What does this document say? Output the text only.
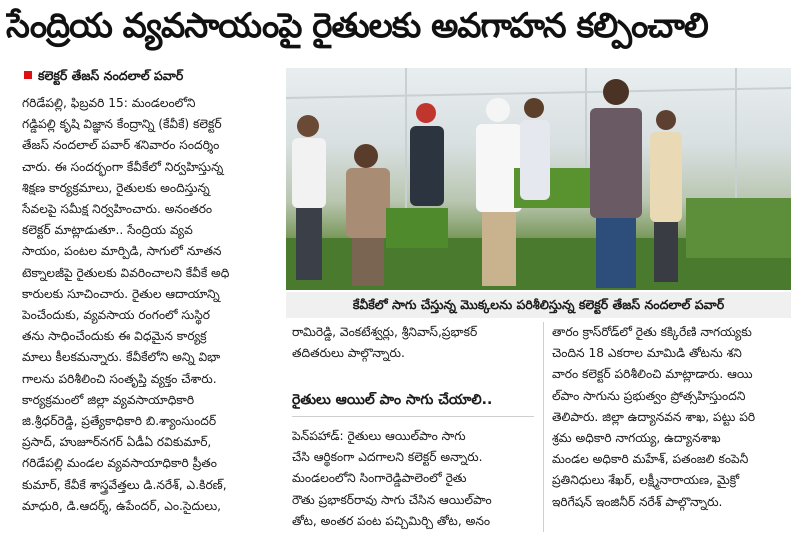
సేంద్రియ వ్యవసాయంపై రైతులకు అవగాహన కల్పించాలి
కలెక్టర్ తేజస్ నందలాల్ పవార్

గరిడేపల్లి, ఫిబ్రవరి 15: మండలంలోని

గడ్డిపల్లి కృషి విజ్ఞాన కేంద్రాన్ని (కేవీకే) కలెక్టర్

తేజస్ నందలాల్ పవార్ శనివారం సందర్శిం

చారు. ఈ సందర్భంగా కేవీకేలో నిర్వహిస్తున్న

శిక్షణ కార్యక్రమాలు, రైతులకు అందిస్తున్న

సేవలపై సమీక్ష నిర్వహించారు. అనంతరం

కలెక్టర్ మాట్లాడుతూ.. సేంద్రియ వ్యవ

సాయం, పంటల మార్పిడి, సాగులో నూతన

టెక్నాలజీపై రైతులకు వివరించాలని కేవీకే అధి

కారులకు సూచించారు. రైతుల ఆదాయాన్ని

పెంచేందుకు, వ్యవసాయ రంగంలో సుస్థిర

తను సాధించేందుకు ఈ విధమైన కార్యక్ర

మాలు కీలకమన్నారు. కేవీకేలోని అన్ని విభా

గాలను పరిశీలించి సంతృప్తి వ్యక్తం చేశారు.

కార్యక్రమంలో జిల్లా వ్యవసాయాధికారి

జి.శ్రీధర్‌రెడ్డి, ప్రత్యేకాధికారి బి.శ్యాంసుందర్

ప్రసాద్, హుజూర్‌నగర్ ఏడీఏ రవికుమార్,

గరిడేపల్లి మండల వ్యవసాయాధికారి ప్రీతం

కుమార్, కేవీకే శాస్త్రవేత్తలు డి.నరేశ్, ఎ.కిరణ్,

మాధురి, డి.ఆదర్శ్, ఉపేందర్, ఎం.సైదులు,

కేవీకేలో సాగు చేస్తున్న మొక్కలను పరిశీలిస్తున్న కలెక్టర్ తేజస్ నందలాల్ పవార్

రామిరెడ్డి, వెంకటేశ్వర్లు, శ్రీనివాస్,ప్రభాకర్

తదితరులు పాల్గొన్నారు.

రైతులు ఆయిల్ పాం సాగు చేయాలి..

పెన్‌పహాడ్: రైతులు ఆయిల్‌పాం సాగు

చేసి ఆర్థికంగా ఎదగాలని కలెక్టర్ అన్నారు.

మండలంలోని సింగారెడ్డిపాలెంలో రైతు

రౌతు ప్రభాకర్‌రావు సాగు చేసిన ఆయిల్‌పాం

తోట, అంతర పంట పచ్చిమిర్చి తోట, అనం

తారం క్రాస్‌రోడ్‌లో రైతు కక్కిరేణి నాగయ్యకు

చెందిన 18 ఎకరాల మామిడి తోటను శని

వారం కలెక్టర్ పరిశీలించి మాట్లాడారు. ఆయి

ల్‌పాం సాగును ప్రభుత్వం ప్రోత్సహిస్తుందని

తెలిపారు. జిల్లా ఉద్యానవన శాఖ, పట్టు పరి

శ్రమ అధికారి నాగయ్య, ఉద్యానశాఖ

మండల అధికారి మహేశ్, పతంజలి కంపెనీ

ప్రతినిధులు శేఖర్, లక్ష్మీనారాయణ, మైక్రో

ఇరిగేషన్ ఇంజినీర్ నరేశ్ పాల్గొన్నారు.
